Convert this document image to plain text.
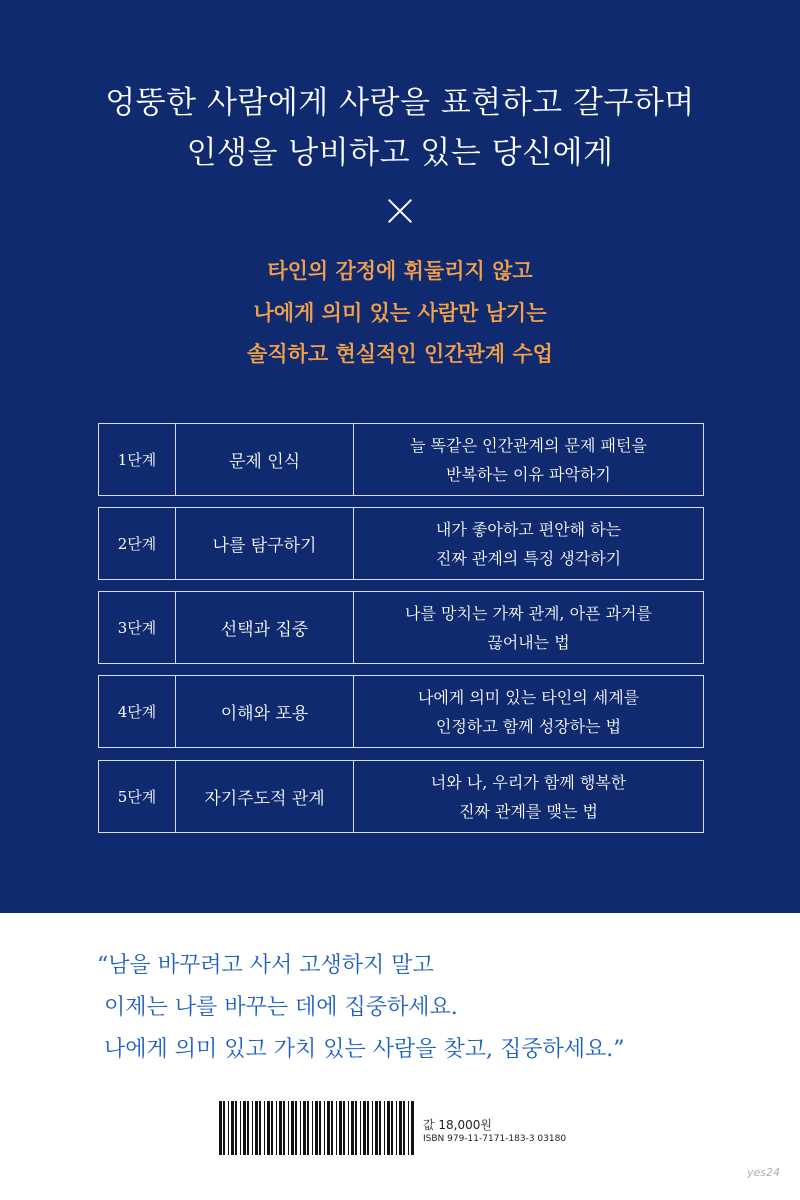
엉뚱한 사람에게 사랑을 표현하고 갈구하며
인생을 낭비하고 있는 당신에게
타인의 감정에 휘둘리지 않고
나에게 의미 있는 사람만 남기는
솔직하고 현실적인 인간관계 수업
1단계	문제 인식
늘 똑같은 인간관계의 문제 패턴을
반복하는 이유 파악하기
2단계	나를 탐구하기
내가 좋아하고 편안해 하는
진짜 관계의 특징 생각하기
3단계	선택과 집중
나를 망치는 가짜 관계, 아픈 과거를
끊어내는 법
4단계	이해와 포용
나에게 의미 있는 타인의 세계를
인정하고 함께 성장하는 법
5단계	자기주도적 관계
너와 나, 우리가 함께 행복한
진짜 관계를 맺는 법
“남을 바꾸려고 사서 고생하지 말고
이제는 나를 바꾸는 데에 집중하세요.
나에게 의미 있고 가치 있는 사람을 찾고, 집중하세요.”
값 18,000원
ISBN 979-11-7171-183-3 03180
yes24
